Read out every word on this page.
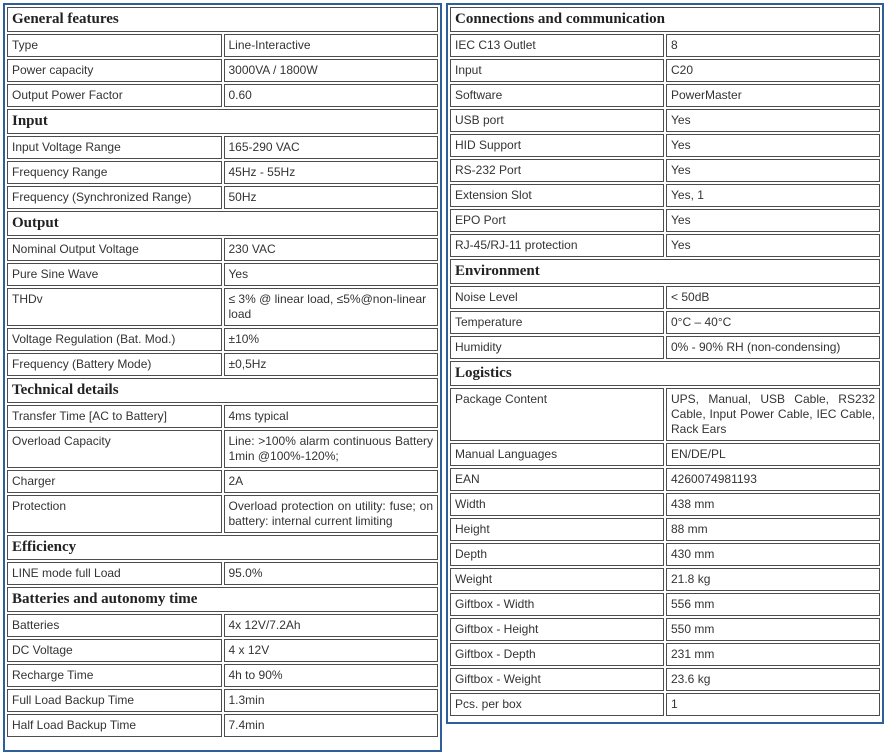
General features	
Type	Line-Interactive
Power capacity	3000VA / 1800W
Output Power Factor	0.60
Input	
Input Voltage Range	165-290 VAC
Frequency Range	45Hz - 55Hz
Frequency (Synchronized Range)	50Hz
Output	
Nominal Output Voltage	230 VAC
Pure Sine Wave	Yes
THDv	≤ 3% @ linear load, ≤5%@non-linear load
Voltage Regulation (Bat. Mod.)	±10%
Frequency (Battery Mode)	±0,5Hz
Technical details	
Transfer Time [AC to Battery]	4ms typical
Overload Capacity	Line: >100% alarm continuous Battery 1min @100%-120%;
Charger	2A
Protection	Overload protection on utility: fuse; on battery: internal current limiting
Efficiency	
LINE mode full Load	95.0%
Batteries and autonomy time	
Batteries	4x 12V/7.2Ah
DC Voltage	4 x 12V
Recharge Time	4h to 90%
Full Load Backup Time	1.3min
Half Load Backup Time	7.4min
Connections and communication	
IEC C13 Outlet	8
Input	C20
Software	PowerMaster
USB port	Yes
HID Support	Yes
RS-232 Port	Yes
Extension Slot	Yes, 1
EPO Port	Yes
RJ-45/RJ-11 protection	Yes
Environment	
Noise Level	< 50dB
Temperature	0°C – 40°C
Humidity	0% - 90% RH (non-condensing)
Logistics	
Package Content	UPS, Manual, USB Cable, RS232 Cable, Input Power Cable, IEC Cable, Rack Ears
Manual Languages	EN/DE/PL
EAN	4260074981193
Width	438 mm
Height	88 mm
Depth	430 mm
Weight	21.8 kg
Giftbox - Width	556 mm
Giftbox - Height	550 mm
Giftbox - Depth	231 mm
Giftbox - Weight	23.6 kg
Pcs. per box	1
